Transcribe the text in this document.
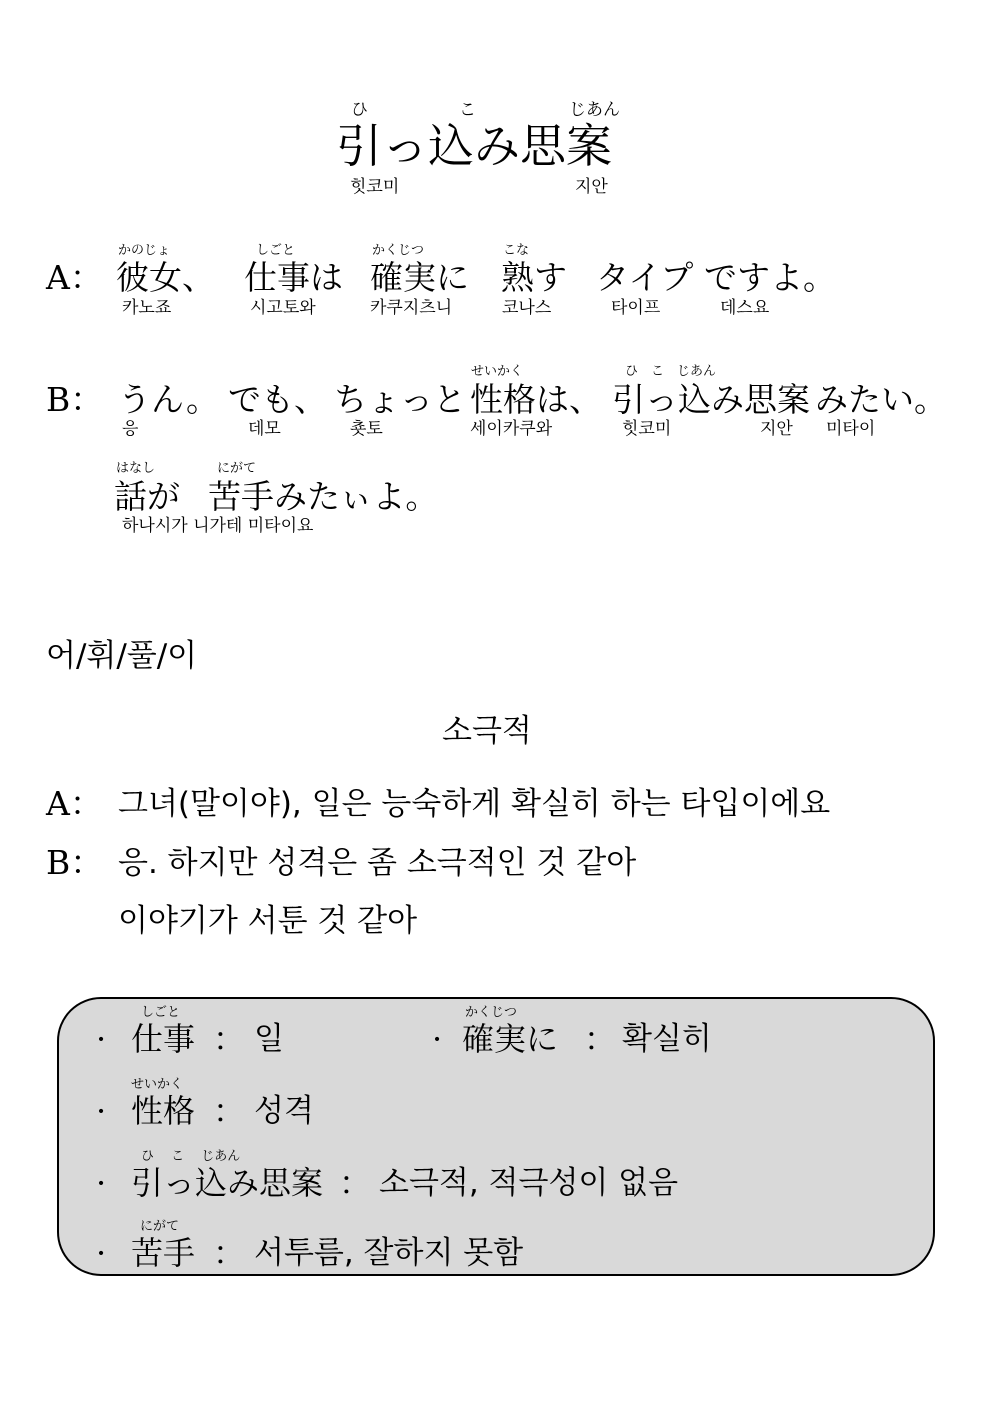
ひ	こ	じあん
引っ込み思案
힛코미	지안
A：
かのじょ
彼女、
카노죠
しごと
仕事は
시고토와
かくじつ
確実に
카쿠지츠니
こな
熟す
코나스
タイプ
타이프
ですよ。
데스요
B： うん。
응
でも、
데모
ちょっと
춋토
せいかく
性格は、
세이카쿠와
ひ　こ　じあん
引っ込み思案
힛코미
みたい。
지안 미타이
はなし	にがて
話が 苦手みたぃよ。
하나시가 니가테 미타이요
어/휘/풀/이
소극적
A： 그녀(말이야), 일은 능숙하게 확실히 하는 타입이에요
B： 응. 하지만 성격은 좀 소극적인 것 같아
이야기가 서툰 것 같아
·
しごと
仕事 ： 일	·
かくじつ
確実に ： 확실히
·
せいかく
性格 ： 성격
·
ひ　 こ　 じあん
引っ込み思案 ： 소극적, 적극성이 없음
·
にがて
苦手 ： 서투름, 잘하지 못함
